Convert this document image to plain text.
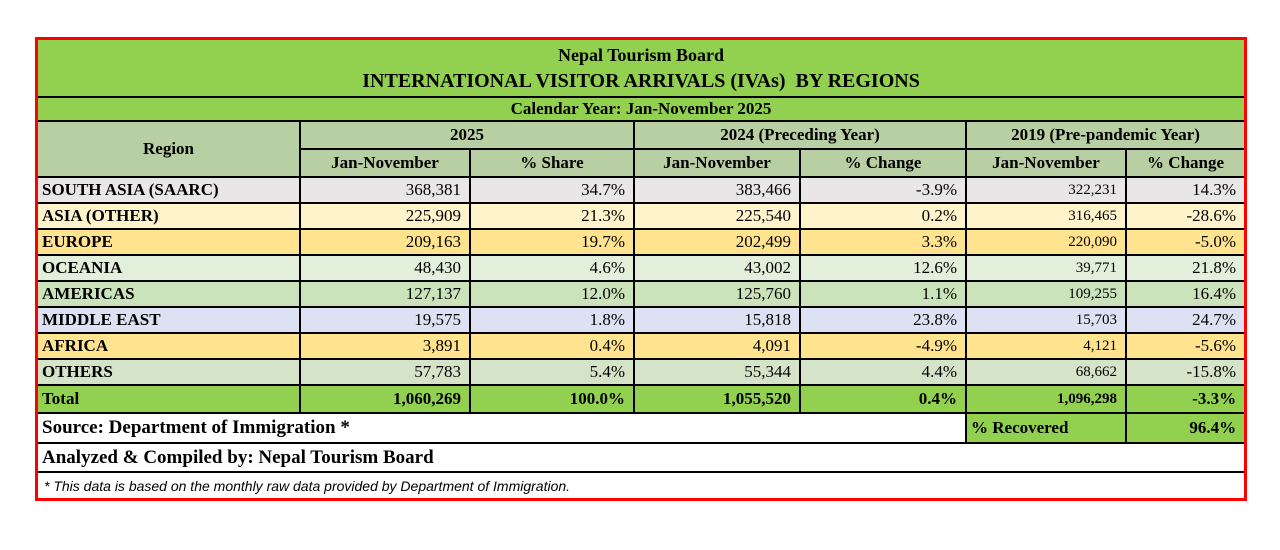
Nepal Tourism Board
INTERNATIONAL VISITOR ARRIVALS (IVAs)  BY REGIONS						

Calendar Year: Jan-November 2025						
Region	2025		2024 (Preceding Year)		2019 (Pre-pandemic Year)	
	Jan-November	% Share	Jan-November	% Change	Jan-November	% Change
SOUTH ASIA (SAARC)	368,381	34.7%	383,466	-3.9%	322,231	14.3%
ASIA (OTHER)	225,909	21.3%	225,540	0.2%	316,465	-28.6%
EUROPE	209,163	19.7%	202,499	3.3%	220,090	-5.0%
OCEANIA	48,430	4.6%	43,002	12.6%	39,771	21.8%
AMERICAS	127,137	12.0%	125,760	1.1%	109,255	16.4%
MIDDLE EAST	19,575	1.8%	15,818	23.8%	15,703	24.7%
AFRICA	3,891	0.4%	4,091	-4.9%	4,121	-5.6%
OTHERS	57,783	5.4%	55,344	4.4%	68,662	-15.8%
Total	1,060,269	100.0%	1,055,520	0.4%	1,096,298	-3.3%
Source: Department of Immigration *					% Recovered	96.4%
Analyzed & Compiled by: Nepal Tourism Board						
* This data is based on the monthly raw data provided by Department of Immigration.						
